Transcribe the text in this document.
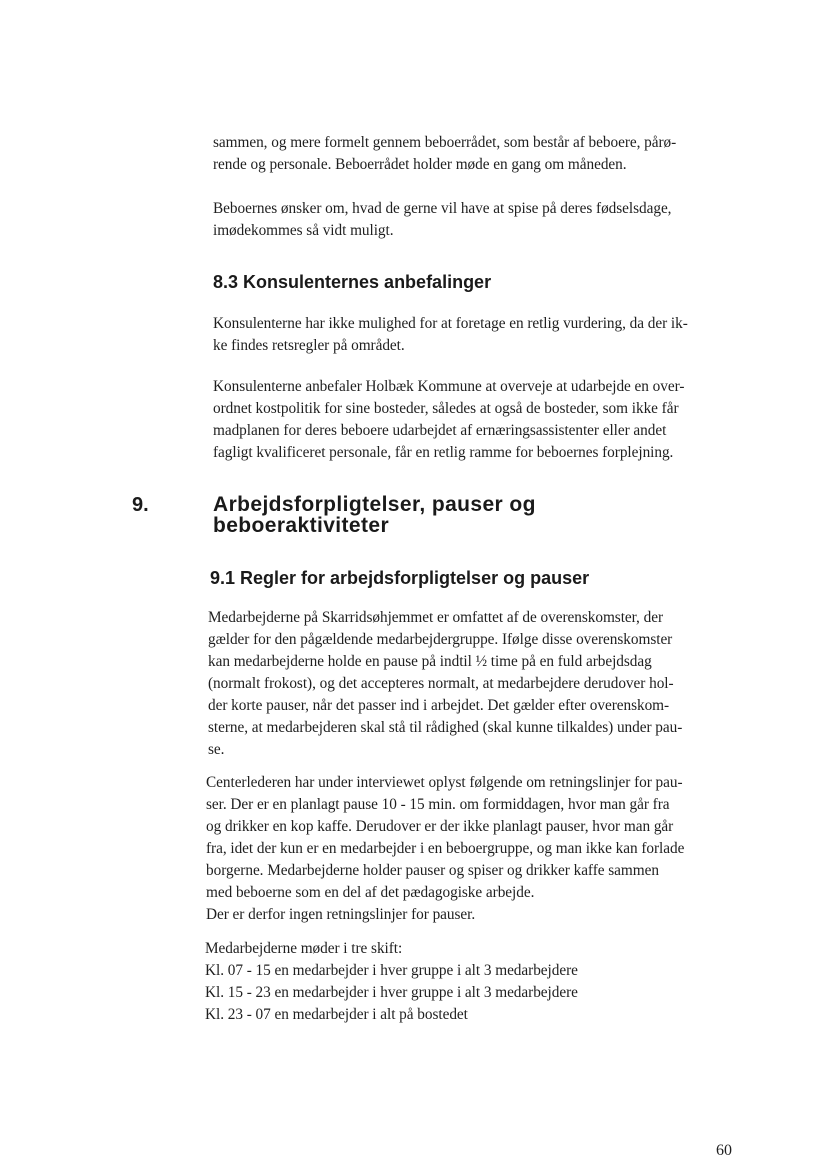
sammen, og mere formelt gennem beboerrådet, som består af beboere, pårø-
rende og personale. Beboerrådet holder møde en gang om måneden.

Beboernes ønsker om, hvad de gerne vil have at spise på deres fødselsdage,
imødekommes så vidt muligt.

8.3 Konsulenternes anbefalinger

Konsulenterne har ikke mulighed for at foretage en retlig vurdering, da der ik-
ke findes retsregler på området.

Konsulenterne anbefaler Holbæk Kommune at overveje at udarbejde en over-
ordnet kostpolitik for sine bosteder, således at også de bosteder, som ikke får
madplanen for deres beboere udarbejdet af ernæringsassistenter eller andet
fagligt kvalificeret personale, får en retlig ramme for beboernes forplejning.

9.	Arbejdsforpligtelser, pauser og
beboeraktiviteter
9.1 Regler for arbejdsforpligtelser og pauser

Medarbejderne på Skarridsøhjemmet er omfattet af de overenskomster, der
gælder for den pågældende medarbejdergruppe. Ifølge disse overenskomster
kan medarbejderne holde en pause på indtil ½ time på en fuld arbejdsdag
(normalt frokost), og det accepteres normalt, at medarbejdere derudover hol-
der korte pauser, når det passer ind i arbejdet. Det gælder efter overenskom-
sterne, at medarbejderen skal stå til rådighed (skal kunne tilkaldes) under pau-
se.

Centerlederen har under interviewet oplyst følgende om retningslinjer for pau-
ser. Der er en planlagt pause 10 - 15 min. om formiddagen, hvor man går fra
og drikker en kop kaffe. Derudover er der ikke planlagt pauser, hvor man går
fra, idet der kun er en medarbejder i en beboergruppe, og man ikke kan forlade
borgerne. Medarbejderne holder pauser og spiser og drikker kaffe sammen
med beboerne som en del af det pædagogiske arbejde.
Der er derfor ingen retningslinjer for pauser.

Medarbejderne møder i tre skift:
Kl. 07 - 15 en medarbejder i hver gruppe i alt 3 medarbejdere
Kl. 15 - 23 en medarbejder i hver gruppe i alt 3 medarbejdere
Kl. 23 - 07 en medarbejder i alt på bostedet

60
